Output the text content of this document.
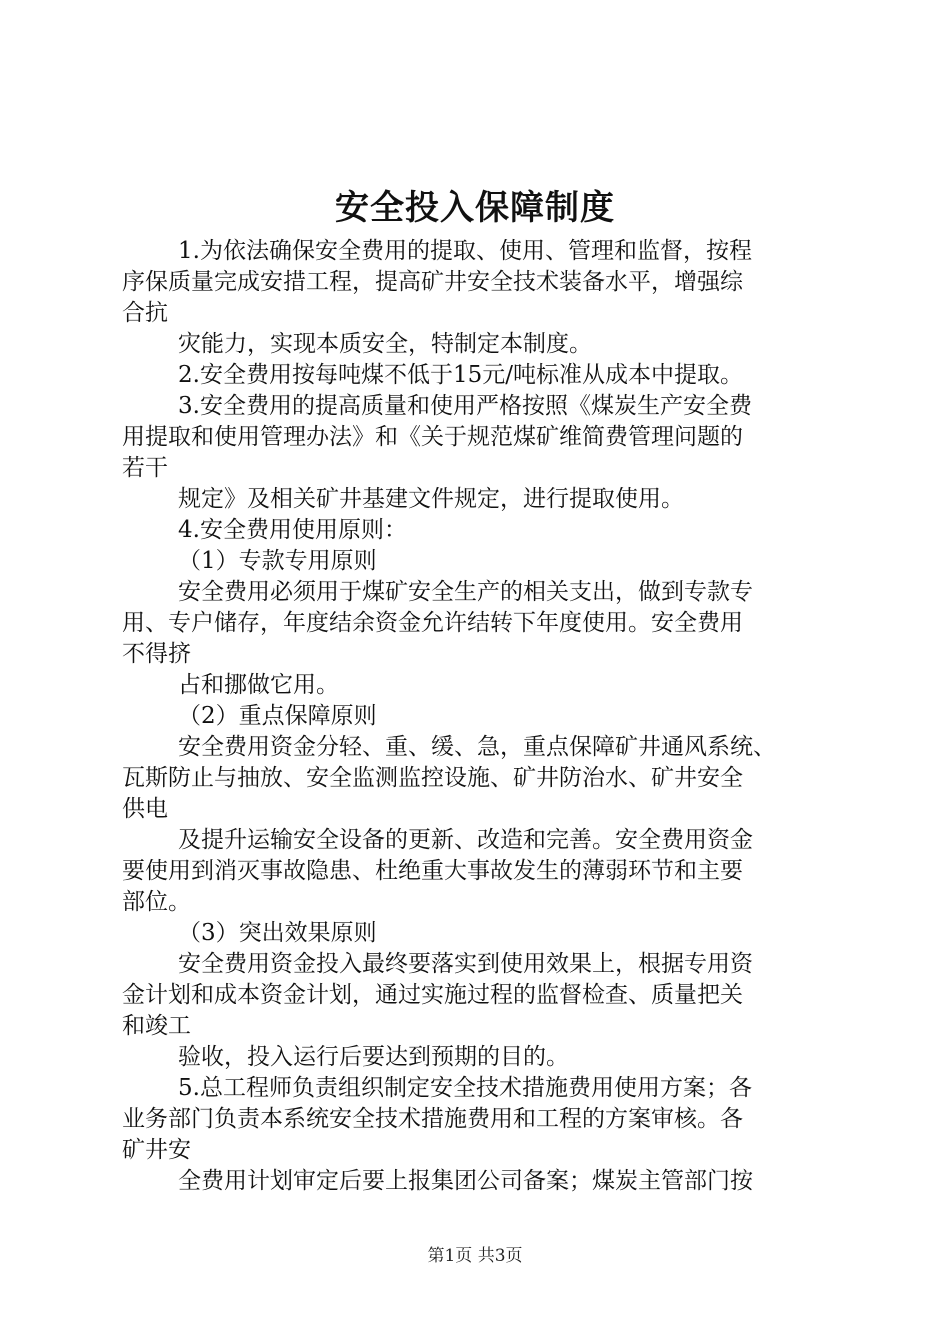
安全投入保障制度
1.为依法确保安全费用的提取、使用、管理和监督，按程
序保质量完成安措工程，提高矿井安全技术装备水平，增强综
合抗
灾能力，实现本质安全，特制定本制度。
2.安全费用按每吨煤不低于15元/吨标准从成本中提取。
3.安全费用的提高质量和使用严格按照《煤炭生产安全费
用提取和使用管理办法》和《关于规范煤矿维简费管理问题的
若干
规定》及相关矿井基建文件规定，进行提取使用。
4.安全费用使用原则：
（1）专款专用原则
安全费用必须用于煤矿安全生产的相关支出，做到专款专
用、专户储存，年度结余资金允许结转下年度使用。安全费用
不得挤
占和挪做它用。
（2）重点保障原则
安全费用资金分轻、重、缓、急，重点保障矿井通风系统、
瓦斯防止与抽放、安全监测监控设施、矿井防治水、矿井安全
供电
及提升运输安全设备的更新、改造和完善。安全费用资金
要使用到消灭事故隐患、杜绝重大事故发生的薄弱环节和主要
部位。
（3）突出效果原则
安全费用资金投入最终要落实到使用效果上，根据专用资
金计划和成本资金计划，通过实施过程的监督检查、质量把关
和竣工
验收，投入运行后要达到预期的目的。
5.总工程师负责组织制定安全技术措施费用使用方案；各
业务部门负责本系统安全技术措施费用和工程的方案审核。各
矿井安
全费用计划审定后要上报集团公司备案；煤炭主管部门按
第1页 共3页
